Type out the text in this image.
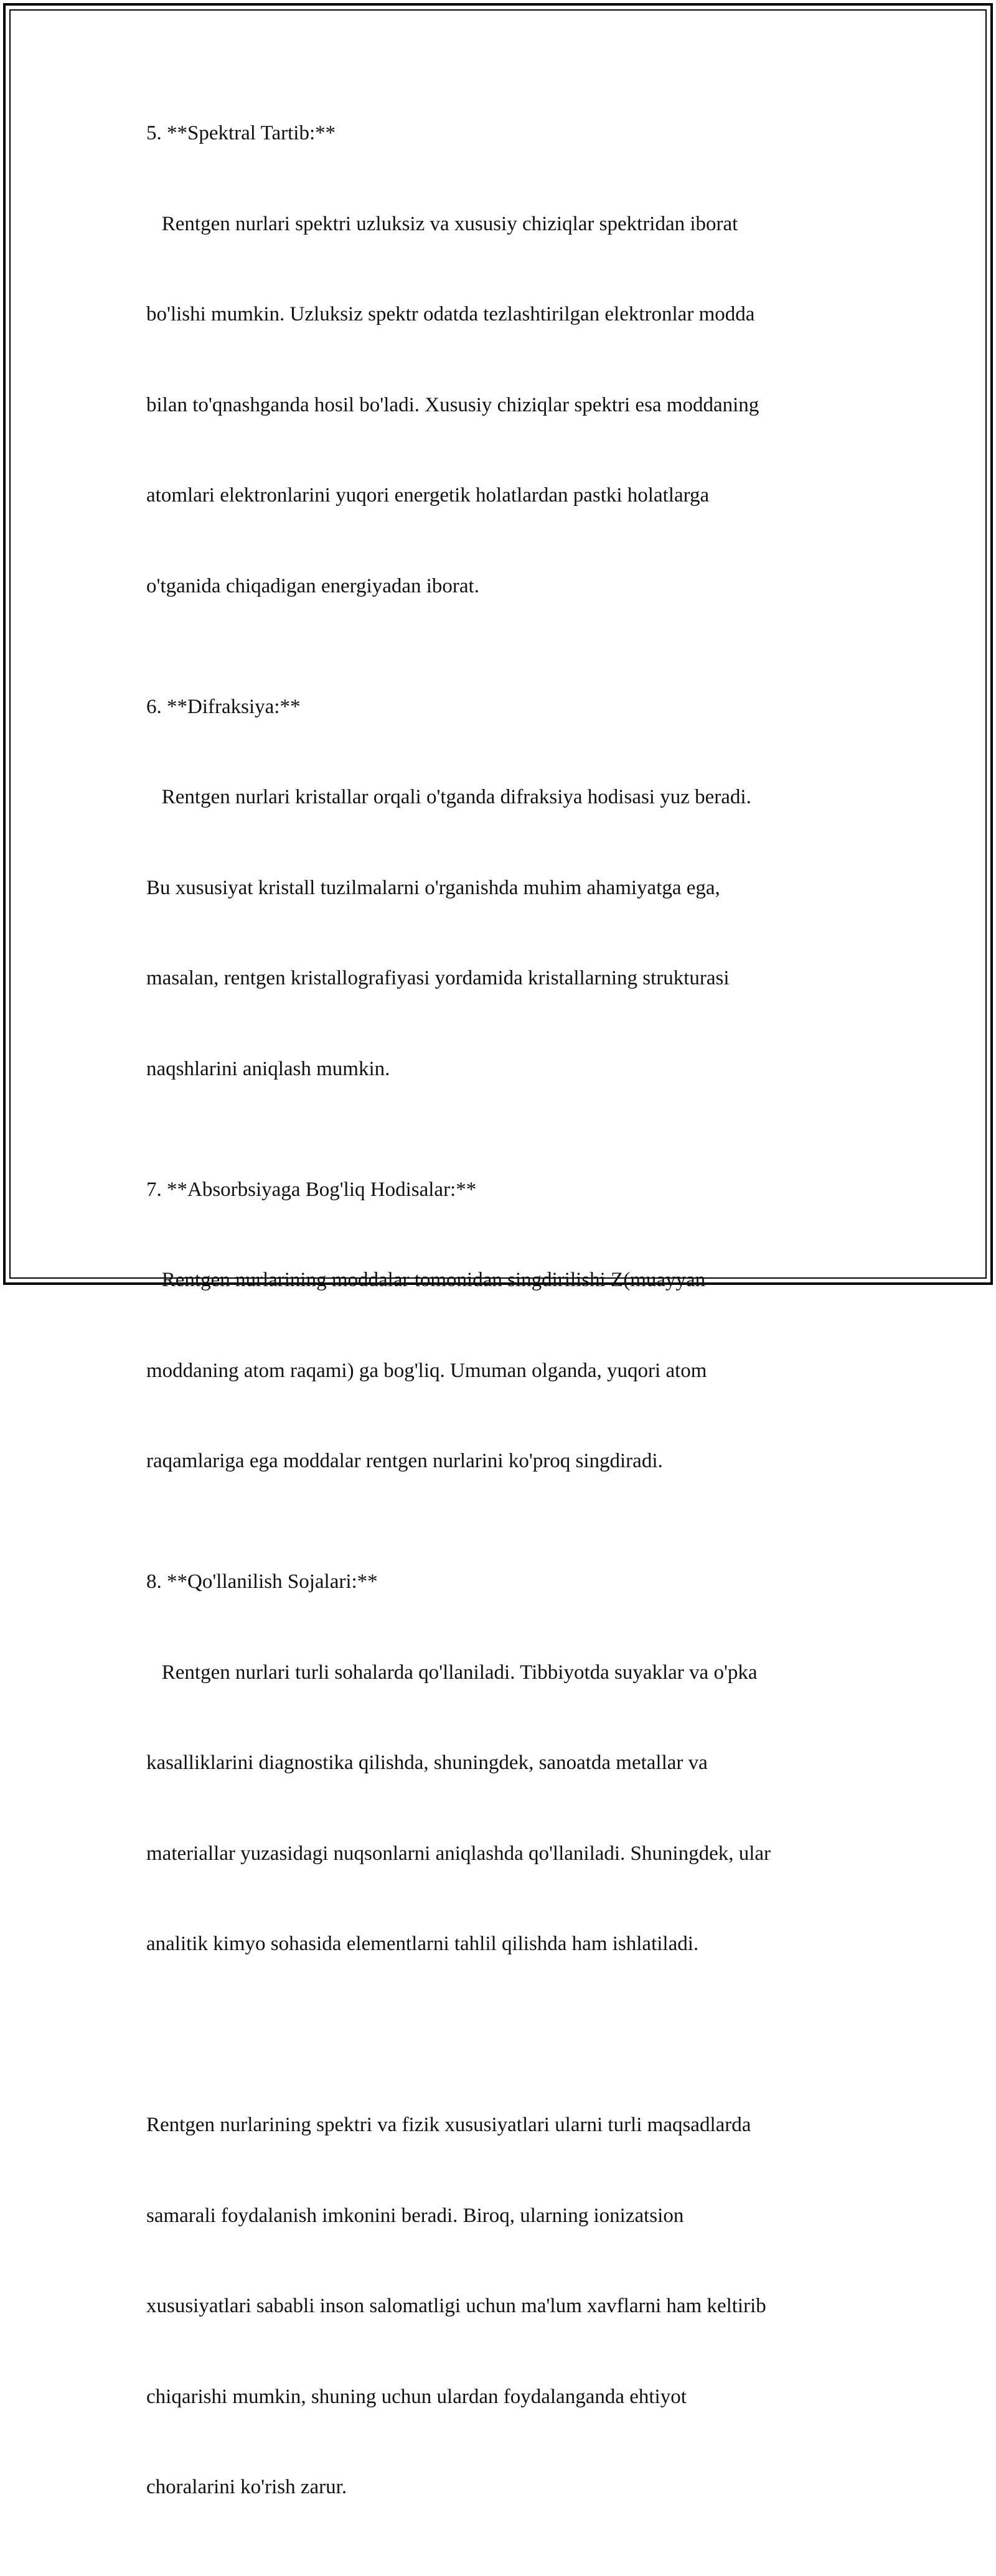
5. **Spektral Tartib:**

Rentgen nurlari spektri uzluksiz va xususiy chiziqlar spektridan iborat

bo'lishi mumkin. Uzluksiz spektr odatda tezlashtirilgan elektronlar modda

bilan to'qnashganda hosil bo'ladi. Xususiy chiziqlar spektri esa moddaning

atomlari elektronlarini yuqori energetik holatlardan pastki holatlarga

o'tganida chiqadigan energiyadan iborat.

6. **Difraksiya:**

Rentgen nurlari kristallar orqali o'tganda difraksiya hodisasi yuz beradi.

Bu xususiyat kristall tuzilmalarni o'rganishda muhim ahamiyatga ega,

masalan, rentgen kristallografiyasi yordamida kristallarning strukturasi

naqshlarini aniqlash mumkin.

7. **Absorbsiyaga Bog'liq Hodisalar:**

Rentgen nurlarining moddalar tomonidan singdirilishi Z(muayyan

moddaning atom raqami) ga bog'liq. Umuman olganda, yuqori atom

raqamlariga ega moddalar rentgen nurlarini ko'proq singdiradi.

8. **Qo'llanilish Sojalari:**

Rentgen nurlari turli sohalarda qo'llaniladi. Tibbiyotda suyaklar va o'pka

kasalliklarini diagnostika qilishda, shuningdek, sanoatda metallar va

materiallar yuzasidagi nuqsonlarni aniqlashda qo'llaniladi. Shuningdek, ular

analitik kimyo sohasida elementlarni tahlil qilishda ham ishlatiladi.

Rentgen nurlarining spektri va fizik xususiyatlari ularni turli maqsadlarda

samarali foydalanish imkonini beradi. Biroq, ularning ionizatsion

xususiyatlari sababli inson salomatligi uchun ma'lum xavflarni ham keltirib

chiqarishi mumkin, shuning uchun ulardan foydalanganda ehtiyot

choralarini ko'rish zarur.
